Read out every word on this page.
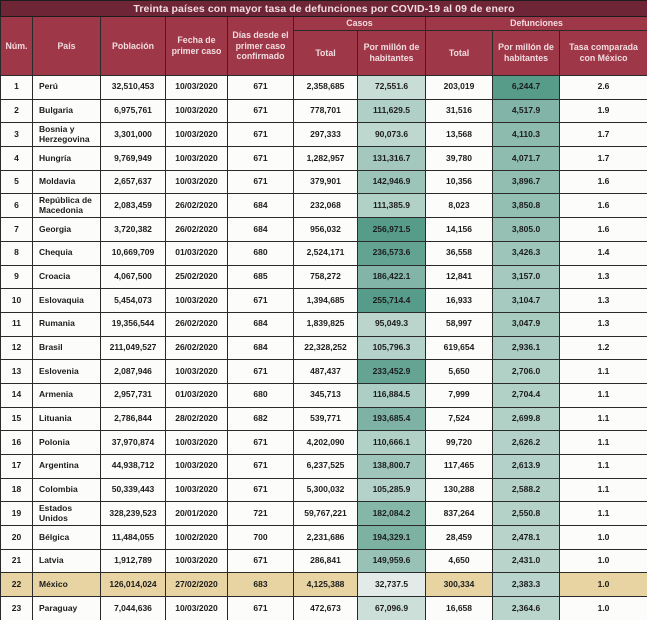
Treinta países con mayor tasa de defunciones por COVID-19 al 09 de enero									
Núm.	País	Población	Fecha de primer caso	Días desde el primer caso confirmado	Casos		Defunciones		
					Total	Por millón de habitantes	Total	Por millón de habitantes	Tasa comparada con México
1	Perú	32,510,453	10/03/2020	671	2,358,685	72,551.6	203,019	6,244.7	2.6
2	Bulgaria	6,975,761	10/03/2020	671	778,701	111,629.5	31,516	4,517.9	1.9
3	Bosnia y Herzegovina	3,301,000	10/03/2020	671	297,333	90,073.6	13,568	4,110.3	1.7
4	Hungría	9,769,949	10/03/2020	671	1,282,957	131,316.7	39,780	4,071.7	1.7
5	Moldavia	2,657,637	10/03/2020	671	379,901	142,946.9	10,356	3,896.7	1.6
6	República de Macedonia	2,083,459	26/02/2020	684	232,068	111,385.9	8,023	3,850.8	1.6
7	Georgia	3,720,382	26/02/2020	684	956,032	256,971.5	14,156	3,805.0	1.6
8	Chequia	10,669,709	01/03/2020	680	2,524,171	236,573.6	36,558	3,426.3	1.4
9	Croacia	4,067,500	25/02/2020	685	758,272	186,422.1	12,841	3,157.0	1.3
10	Eslovaquia	5,454,073	10/03/2020	671	1,394,685	255,714.4	16,933	3,104.7	1.3
11	Rumania	19,356,544	26/02/2020	684	1,839,825	95,049.3	58,997	3,047.9	1.3
12	Brasil	211,049,527	26/02/2020	684	22,328,252	105,796.3	619,654	2,936.1	1.2
13	Eslovenia	2,087,946	10/03/2020	671	487,437	233,452.9	5,650	2,706.0	1.1
14	Armenia	2,957,731	01/03/2020	680	345,713	116,884.5	7,999	2,704.4	1.1
15	Lituania	2,786,844	28/02/2020	682	539,771	193,685.4	7,524	2,699.8	1.1
16	Polonia	37,970,874	10/03/2020	671	4,202,090	110,666.1	99,720	2,626.2	1.1
17	Argentina	44,938,712	10/03/2020	671	6,237,525	138,800.7	117,465	2,613.9	1.1
18	Colombia	50,339,443	10/03/2020	671	5,300,032	105,285.9	130,288	2,588.2	1.1
19	Estados Unidos	328,239,523	20/01/2020	721	59,767,221	182,084.2	837,264	2,550.8	1.1
20	Bélgica	11,484,055	10/02/2020	700	2,231,686	194,329.1	28,459	2,478.1	1.0
21	Latvia	1,912,789	10/03/2020	671	286,841	149,959.6	4,650	2,431.0	1.0
22	México	126,014,024	27/02/2020	683	4,125,388	32,737.5	300,334	2,383.3	1.0
23	Paraguay	7,044,636	10/03/2020	671	472,673	67,096.9	16,658	2,364.6	1.0
